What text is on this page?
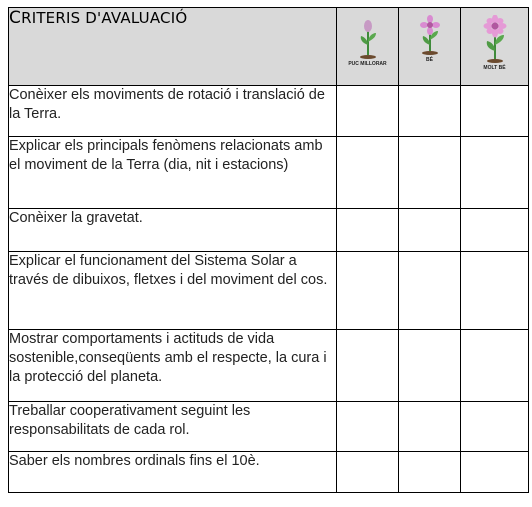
CRITERIS D'AVALUACIÓ	PUC MILLORAR	BÉ	MOLT BÉ

Conèixer els moviments de rotació i translació de la Terra.			
Explicar els principals fenòmens relacionats amb el moviment de la Terra (dia, nit i estacions)			
Conèixer la gravetat.			
Explicar el funcionament del Sistema Solar a través de dibuixos, fletxes i del moviment del cos.			
Mostrar comportaments i actituds de vida sostenible,conseqüents amb el respecte, la cura i la protecció del planeta.			
Treballar cooperativament seguint les responsabilitats de cada rol.			
Saber els nombres ordinals fins el 10è.			
